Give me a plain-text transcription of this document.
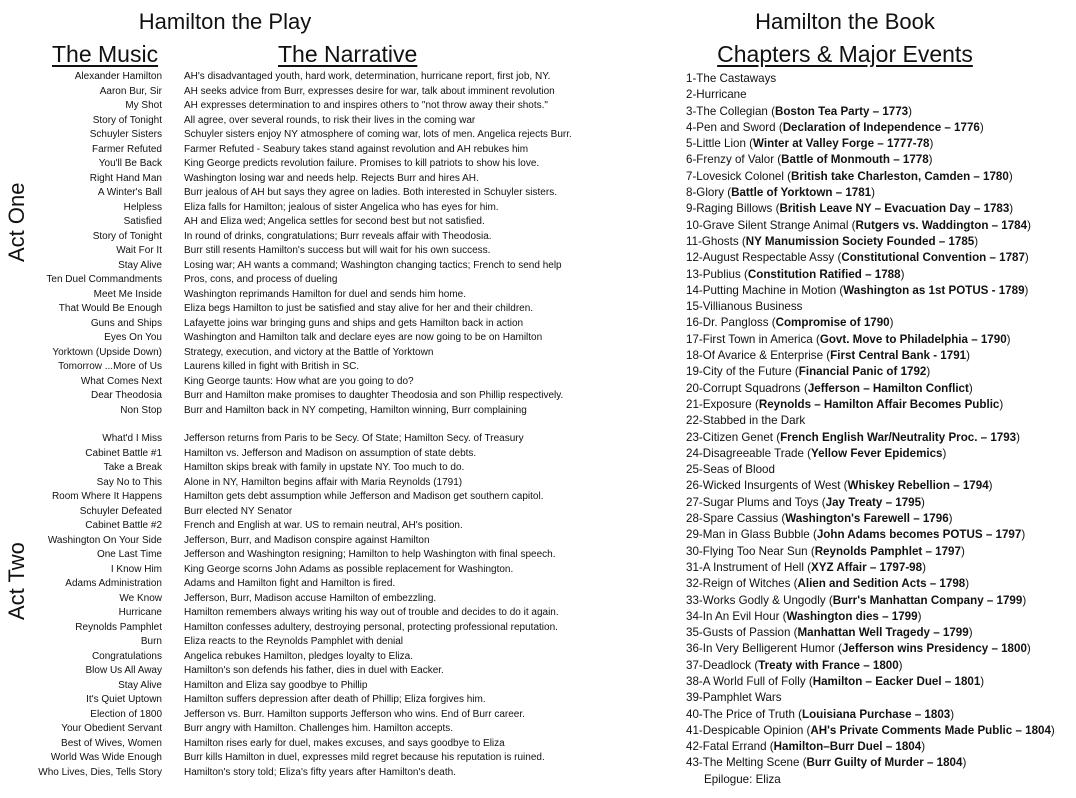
Hamilton the Play
The Music	The Narrative
Act One
Act Two
Alexander Hamilton AH's disadvantaged youth, hard work, determination, hurricane report, first job, NY.
Aaron Bur, Sir AH seeks advice from Burr, expresses desire for war, talk about imminent revolution
My Shot AH expresses determination to and inspires others to "not throw away their shots."
Story of Tonight All agree, over several rounds, to risk their lives in the coming war
Schuyler Sisters Schuyler sisters enjoy NY atmosphere of coming war, lots of men. Angelica rejects Burr.
Farmer Refuted Farmer Refuted - Seabury takes stand against revolution and AH rebukes him
You'll Be Back King George predicts revolution failure. Promises to kill patriots to show his love.
Right Hand Man Washington losing war and needs help. Rejects Burr and hires AH.
A Winter's Ball Burr jealous of AH but says they agree on ladies. Both interested in Schuyler sisters.
Helpless Eliza falls for Hamilton; jealous of sister Angelica who has eyes for him.
Satisfied AH and Eliza wed; Angelica settles for second best but not satisfied.
Story of Tonight In round of drinks, congratulations; Burr reveals affair with Theodosia.
Wait For It Burr still resents Hamilton's success but will wait for his own success.
Stay Alive Losing war; AH wants a command; Washington changing tactics; French to send help
Ten Duel Commandments Pros, cons, and process of dueling
Meet Me Inside Washington reprimands Hamilton for duel and sends him home.
That Would Be Enough Eliza begs Hamilton to just be satisfied and stay alive for her and their children.
Guns and Ships Lafayette joins war bringing guns and ships and gets Hamilton back in action
Eyes On You Washington and Hamilton talk and declare eyes are now going to be on Hamilton
Yorktown (Upside Down) Strategy, execution, and victory at the Battle of Yorktown
Tomorrow ...More of Us Laurens killed in fight with British in SC.
What Comes Next King George taunts: How what are you going to do?
Dear Theodosia Burr and Hamilton make promises to daughter Theodosia and son Phillip respectively.
Non Stop Burr and Hamilton back in NY competing, Hamilton winning, Burr complaining
What'd I Miss Jefferson returns from Paris to be Secy. Of State; Hamilton Secy. of Treasury
Cabinet Battle #1 Hamilton vs. Jefferson and Madison on assumption of state debts.
Take a Break Hamilton skips break with family in upstate NY. Too much to do.
Say No to This Alone in NY, Hamilton begins affair with Maria Reynolds (1791)
Room Where It Happens Hamilton gets debt assumption while Jefferson and Madison get southern capitol.
Schuyler Defeated Burr elected NY Senator
Cabinet Battle #2 French and English at war. US to remain neutral, AH's position.
Washington On Your Side Jefferson, Burr, and Madison conspire against Hamilton
One Last Time Jefferson and Washington resigning; Hamilton to help Washington with final speech.
I Know Him King George scorns John Adams as possible replacement for Washington.
Adams Administration Adams and Hamilton fight and Hamilton is fired.
We Know Jefferson, Burr, Madison accuse Hamilton of embezzling.
Hurricane Hamilton remembers always writing his way out of trouble and decides to do it again.
Reynolds Pamphlet Hamilton confesses adultery, destroying personal, protecting professional reputation.
Burn Eliza reacts to the Reynolds Pamphlet with denial
Congratulations Angelica rebukes Hamilton, pledges loyalty to Eliza.
Blow Us All Away Hamilton's son defends his father, dies in duel with Eacker.
Stay Alive Hamilton and Eliza say goodbye to Phillip
It's Quiet Uptown Hamilton suffers depression after death of Phillip; Eliza forgives him.
Election of 1800 Jefferson vs. Burr. Hamilton supports Jefferson who wins. End of Burr career.
Your Obedient Servant Burr angry with Hamilton. Challenges him. Hamilton accepts.
Best of Wives, Women Hamilton rises early for duel, makes excuses, and says goodbye to Eliza
World Was Wide Enough Burr kills Hamilton in duel, expresses mild regret because his reputation is ruined.
Who Lives, Dies, Tells Story Hamilton's story told; Eliza's fifty years after Hamilton's death.
Hamilton the Book
Chapters & Major Events
1-The Castaways
2-Hurricane
3-The Collegian (Boston Tea Party – 1773)
4-Pen and Sword (Declaration of Independence – 1776)
5-Little Lion (Winter at Valley Forge – 1777-78)
6-Frenzy of Valor (Battle of Monmouth – 1778)
7-Lovesick Colonel (British take Charleston, Camden – 1780)
8-Glory (Battle of Yorktown – 1781)
9-Raging Billows (British Leave NY – Evacuation Day – 1783)
10-Grave Silent Strange Animal (Rutgers vs. Waddington – 1784)
11-Ghosts (NY Manumission Society Founded – 1785)
12-August Respectable Assy (Constitutional Convention – 1787)
13-Publius (Constitution Ratified – 1788)
14-Putting Machine in Motion (Washington as 1st POTUS - 1789)
15-Villianous Business
16-Dr. Pangloss (Compromise of 1790)
17-First Town in America (Govt. Move to Philadelphia – 1790)
18-Of Avarice & Enterprise (First Central Bank - 1791)
19-City of the Future (Financial Panic of 1792)
20-Corrupt Squadrons (Jefferson – Hamilton Conflict)
21-Exposure (Reynolds – Hamilton Affair Becomes Public)
22-Stabbed in the Dark
23-Citizen Genet (French English War/Neutrality Proc. – 1793)
24-Disagreeable Trade (Yellow Fever Epidemics)
25-Seas of Blood
26-Wicked Insurgents of West (Whiskey Rebellion – 1794)
27-Sugar Plums and Toys (Jay Treaty – 1795)
28-Spare Cassius (Washington's Farewell – 1796)
29-Man in Glass Bubble (John Adams becomes POTUS – 1797)
30-Flying Too Near Sun (Reynolds Pamphlet – 1797)
31-A Instrument of Hell (XYZ Affair – 1797-98)
32-Reign of Witches (Alien and Sedition Acts – 1798)
33-Works Godly & Ungodly (Burr's Manhattan Company – 1799)
34-In An Evil Hour (Washington dies – 1799)
35-Gusts of Passion (Manhattan Well Tragedy – 1799)
36-In Very Belligerent Humor (Jefferson wins Presidency – 1800)
37-Deadlock (Treaty with France – 1800)
38-A World Full of Folly (Hamilton – Eacker Duel – 1801)
39-Pamphlet Wars
40-The Price of Truth (Louisiana Purchase – 1803)
41-Despicable Opinion (AH's Private Comments Made Public – 1804)
42-Fatal Errand (Hamilton–Burr Duel – 1804)
43-The Melting Scene (Burr Guilty of Murder – 1804)
Epilogue: Eliza
